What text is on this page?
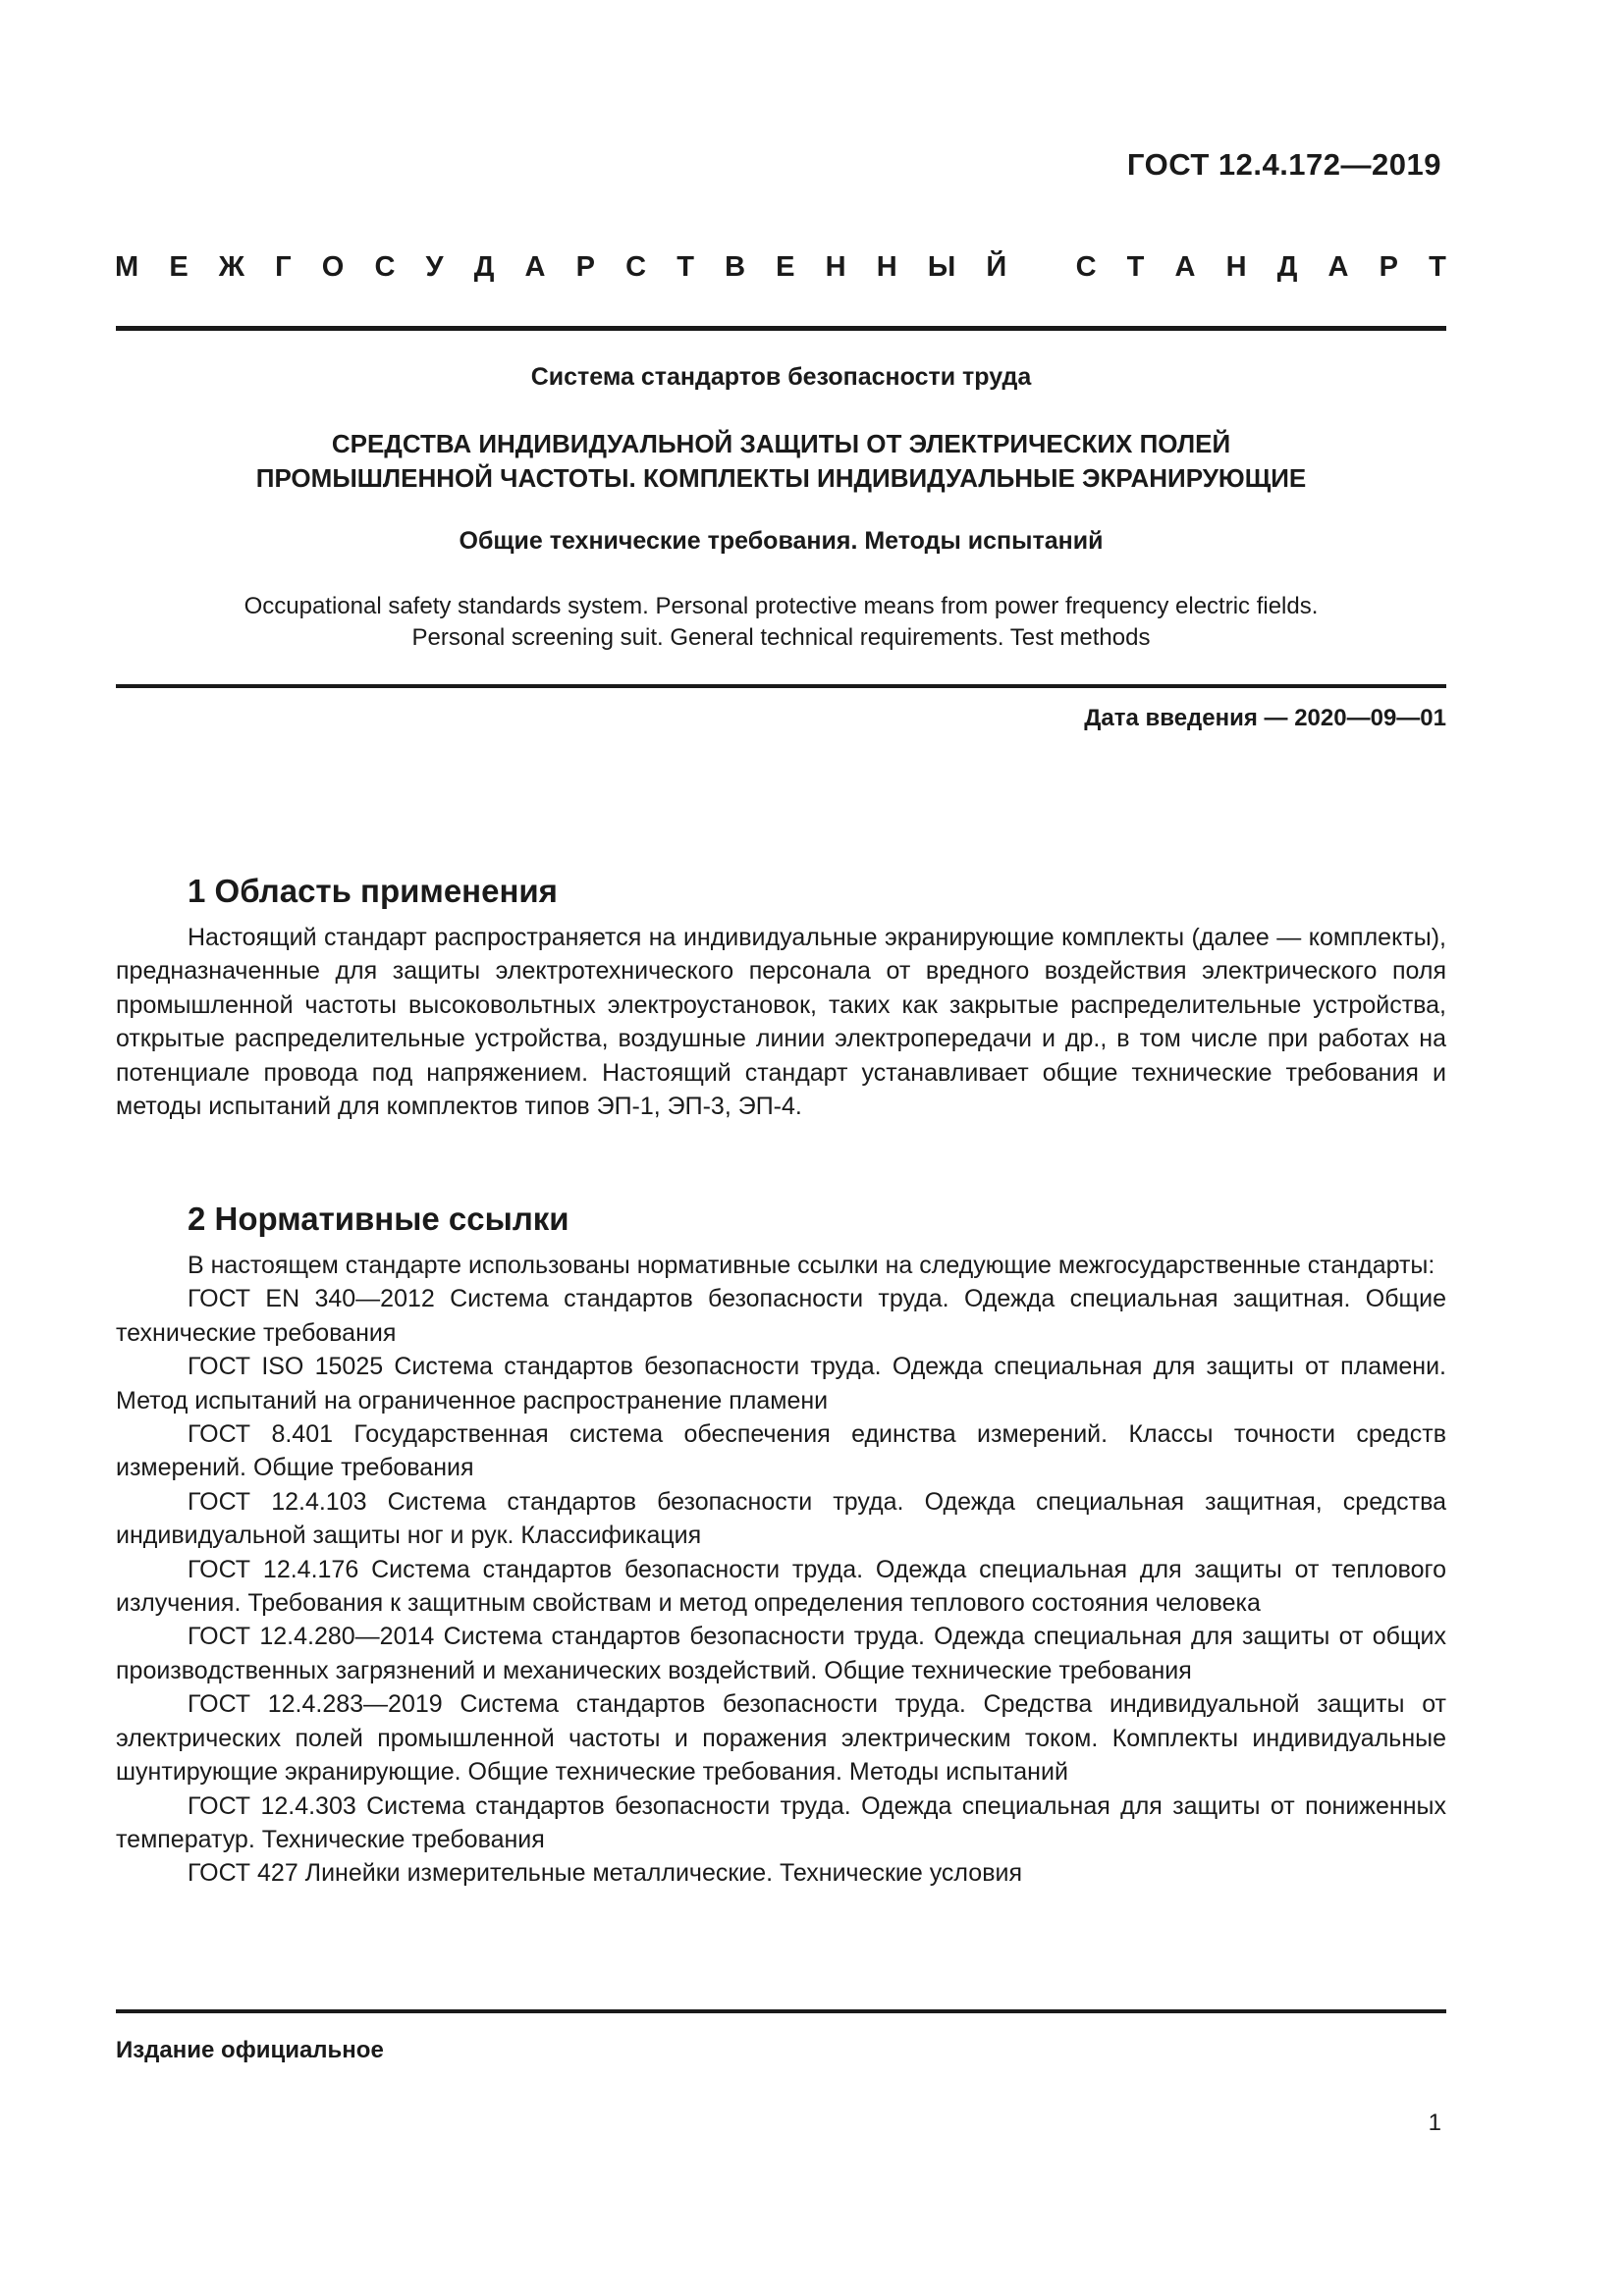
ГОСТ 12.4.172—2019
М Е Ж Г О С У Д А Р С Т В Е Н Н Ы Й
С Т А Н Д А Р Т
Система стандартов безопасности труда
СРЕДСТВА ИНДИВИДУАЛЬНОЙ ЗАЩИТЫ ОТ ЭЛЕКТРИЧЕСКИХ ПОЛЕЙ
ПРОМЫШЛЕННОЙ ЧАСТОТЫ. КОМПЛЕКТЫ ИНДИВИДУАЛЬНЫЕ ЭКРАНИРУЮЩИЕ
Общие технические требования. Методы испытаний
Occupational safety standards system. Personal protective means from power frequency electric fields.
Personal screening suit. General technical requirements. Test methods
Дата введения — 2020—09—01
1 Область применения

Настоящий стандарт распространяется на индивидуальные экранирующие комплекты (далее — комплекты), предназначенные для защиты электротехнического персонала от вредного воздействия электрического поля промышленной частоты высоковольтных электроустановок, таких как закрытые распределительные устройства, открытые распределительные устройства, воздушные линии электропередачи и др., в том числе при работах на потенциале провода под напряжением. Настоящий стандарт устанавливает общие технические требования и методы испытаний для комплектов типов ЭП-1, ЭП-3, ЭП-4.

2 Нормативные ссылки

В настоящем стандарте использованы нормативные ссылки на следующие межгосударственные стандарты:

ГОСТ EN 340—2012 Система стандартов безопасности труда. Одежда специальная защитная. Общие технические требования

ГОСТ ISO 15025 Система стандартов безопасности труда. Одежда специальная для защиты от пламени. Метод испытаний на ограниченное распространение пламени

ГОСТ 8.401 Государственная система обеспечения единства измерений. Классы точности средств измерений. Общие требования

ГОСТ 12.4.103 Система стандартов безопасности труда. Одежда специальная защитная, средства индивидуальной защиты ног и рук. Классификация

ГОСТ 12.4.176 Система стандартов безопасности труда. Одежда специальная для защиты от теплового излучения. Требования к защитным свойствам и метод определения теплового состояния человека

ГОСТ 12.4.280—2014 Система стандартов безопасности труда. Одежда специальная для защиты от общих производственных загрязнений и механических воздействий. Общие технические требования

ГОСТ 12.4.283—2019 Система стандартов безопасности труда. Средства индивидуальной защиты от электрических полей промышленной частоты и поражения электрическим током. Комплекты индивидуальные шунтирующие экранирующие. Общие технические требования. Методы испытаний

ГОСТ 12.4.303 Система стандартов безопасности труда. Одежда специальная для защиты от пониженных температур. Технические требования

ГОСТ 427 Линейки измерительные металлические. Технические условия

Издание официальное
1
